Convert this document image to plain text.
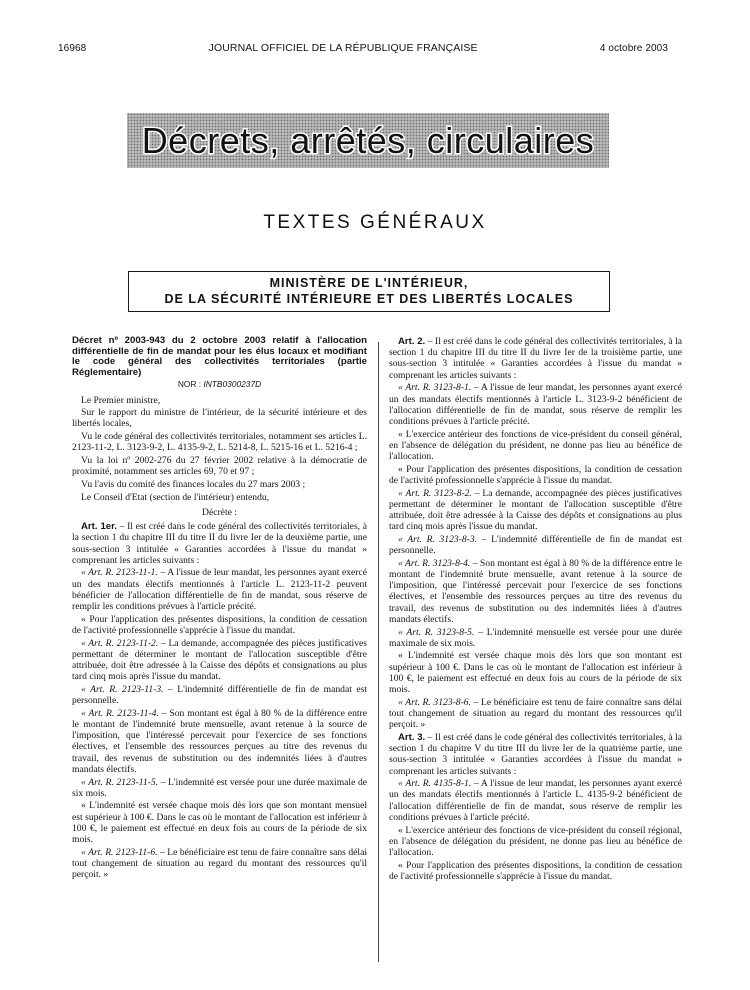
16968	JOURNAL OFFICIEL DE LA RÉPUBLIQUE FRANÇAISE	4 octobre 2003
Décrets, arrêtés, circulaires
TEXTES GÉNÉRAUX
MINISTÈRE DE L'INTÉRIEUR,
DE LA SÉCURITÉ INTÉRIEURE ET DES LIBERTÉS LOCALES
Décret nº 2003-943 du 2 octobre 2003 relatif à l'allocation différentielle de fin de mandat pour les élus locaux et modifiant le code général des collectivités territoriales (partie Réglementaire)
NOR : INTB0300237D

Le Premier ministre,

Sur le rapport du ministre de l'intérieur, de la sécurité intérieure et des libertés locales,

Vu le code général des collectivités territoriales, notamment ses articles L. 2123-11-2, L. 3123-9-2, L. 4135-9-2, L. 5214-8, L. 5215-16 et L. 5216-4 ;

Vu la loi nº 2002-276 du 27 février 2002 relative à la démocratie de proximité, notamment ses articles 69, 70 et 97 ;

Vu l'avis du comité des finances locales du 27 mars 2003 ;

Le Conseil d'Etat (section de l'intérieur) entendu,

Décrète :

Art. 1er. – Il est créé dans le code général des collectivités territoriales, à la section 1 du chapitre III du titre II du livre Ier de la deuxième partie, une sous-section 3 intitulée « Garanties accordées à l'issue du mandat » comprenant les articles suivants :

« Art. R. 2123-11-1. – A l'issue de leur mandat, les personnes ayant exercé un des mandats électifs mentionnés à l'article L. 2123-11-2 peuvent bénéficier de l'allocation différentielle de fin de mandat, sous réserve de remplir les conditions prévues à l'article précité.

« Pour l'application des présentes dispositions, la condition de cessation de l'activité professionnelle s'apprécie à l'issue du mandat.

« Art. R. 2123-11-2. – La demande, accompagnée des pièces justificatives permettant de déterminer le montant de l'allocation susceptible d'être attribuée, doit être adressée à la Caisse des dépôts et consignations au plus tard cinq mois après l'issue du mandat.

« Art. R. 2123-11-3. – L'indemnité différentielle de fin de mandat est personnelle.

« Art. R. 2123-11-4. – Son montant est égal à 80 % de la différence entre le montant de l'indemnité brute mensuelle, avant retenue à la source de l'imposition, que l'intéressé percevait pour l'exercice de ses fonctions électives, et l'ensemble des ressources perçues au titre des revenus du travail, des revenus de substitution ou des indemnités liées à d'autres mandats électifs.

« Art. R. 2123-11-5. – L'indemnité est versée pour une durée maximale de six mois.

« L'indemnité est versée chaque mois dès lors que son montant mensuel est supérieur à 100 €. Dans le cas où le montant de l'allocation est inférieur à 100 €, le paiement est effectué en deux fois au cours de la période de six mois.

« Art. R. 2123-11-6. – Le bénéficiaire est tenu de faire connaître sans délai tout changement de situation au regard du montant des ressources qu'il perçoit. »

Art. 2. – Il est créé dans le code général des collectivités territoriales, à la section 1 du chapitre III du titre II du livre Ier de la troisième partie, une sous-section 3 intitulée « Garanties accordées à l'issue du mandat » comprenant les articles suivants :

« Art. R. 3123-8-1. – A l'issue de leur mandat, les personnes ayant exercé un des mandats électifs mentionnés à l'article L. 3123-9-2 bénéficient de l'allocation différentielle de fin de mandat, sous réserve de remplir les conditions prévues à l'article précité.

« L'exercice antérieur des fonctions de vice-président du conseil général, en l'absence de délégation du président, ne donne pas lieu au bénéfice de l'allocation.

« Pour l'application des présentes dispositions, la condition de cessation de l'activité professionnelle s'apprécie à l'issue du mandat.

« Art. R. 3123-8-2. – La demande, accompagnée des pièces justificatives permettant de déterminer le montant de l'allocation susceptible d'être attribuée, doit être adressée à la Caisse des dépôts et consignations au plus tard cinq mois après l'issue du mandat.

« Art. R. 3123-8-3. – L'indemnité différentielle de fin de mandat est personnelle.

« Art. R. 3123-8-4. – Son montant est égal à 80 % de la différence entre le montant de l'indemnité brute mensuelle, avant retenue à la source de l'imposition, que l'intéressé percevait pour l'exercice de ses fonctions électives, et l'ensemble des ressources perçues au titre des revenus du travail, des revenus de substitution ou des indemnités liées à d'autres mandats électifs.

« Art. R. 3123-8-5. – L'indemnité mensuelle est versée pour une durée maximale de six mois.

« L'indemnité est versée chaque mois dès lors que son montant est supérieur à 100 €. Dans le cas où le montant de l'allocation est inférieur à 100 €, le paiement est effectué en deux fois au cours de la période de six mois.

« Art. R. 3123-8-6. – Le bénéficiaire est tenu de faire connaître sans délai tout changement de situation au regard du montant des ressources qu'il perçoit. »

Art. 3. – Il est créé dans le code général des collectivités territoriales, à la section 1 du chapitre V du titre III du livre Ier de la quatrième partie, une sous-section 3 intitulée « Garanties accordées à l'issue du mandat » comprenant les articles suivants :

« Art. R. 4135-8-1. – A l'issue de leur mandat, les personnes ayant exercé un des mandats électifs mentionnés à l'article L. 4135-9-2 bénéficient de l'allocation différentielle de fin de mandat, sous réserve de remplir les conditions prévues à l'article précité.

« L'exercice antérieur des fonctions de vice-président du conseil régional, en l'absence de délégation du président, ne donne pas lieu au bénéfice de l'allocation.

« Pour l'application des présentes dispositions, la condition de cessation de l'activité professionnelle s'apprécie à l'issue du mandat.
